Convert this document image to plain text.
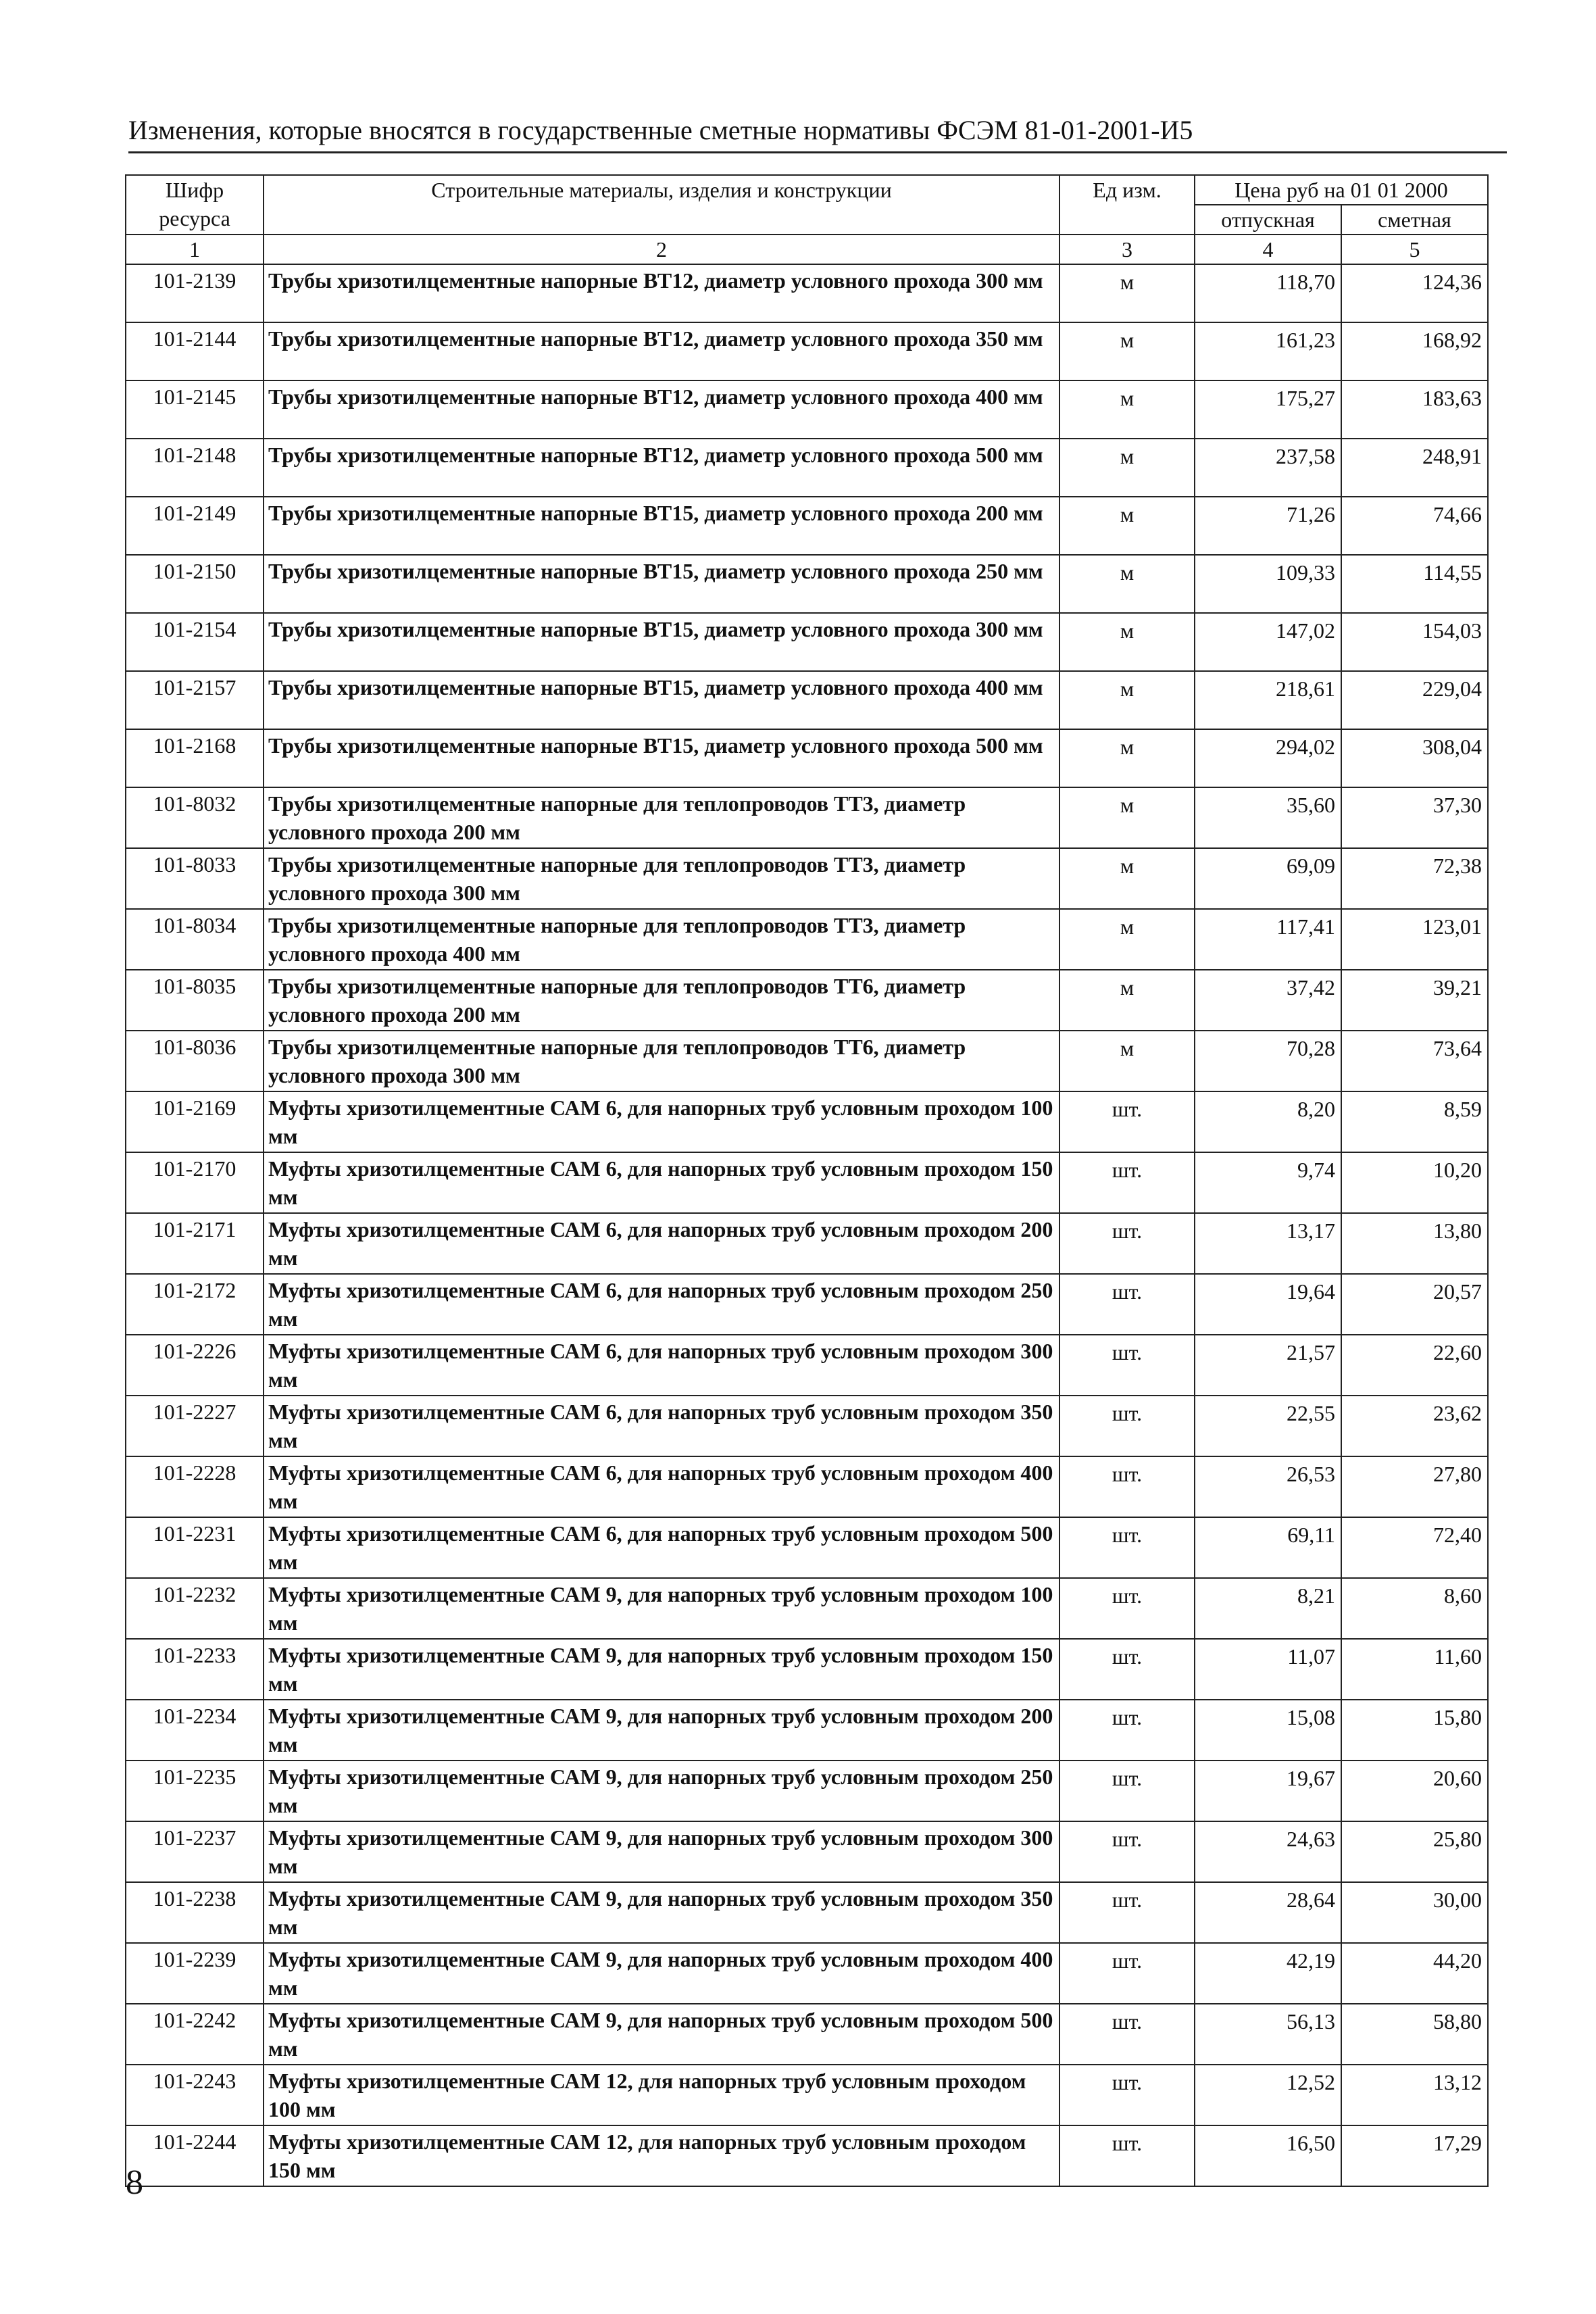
Изменения, которые вносятся в государственные сметные нормативы ФСЭМ 81-01-2001-И5
Шифр ресурса	Строительные материалы, изделия и конструкции	Ед изм.	Цена руб на 01 01 2000	
			отпускная	сметная
1	2	3	4	5
101-2139	Трубы хризотилцементные напорные ВТ12, диаметр условного прохода 300 мм	м	118,70	124,36
101-2144	Трубы хризотилцементные напорные ВТ12, диаметр условного прохода 350 мм	м	161,23	168,92
101-2145	Трубы хризотилцементные напорные ВТ12, диаметр условного прохода 400 мм	м	175,27	183,63
101-2148	Трубы хризотилцементные напорные ВТ12, диаметр условного прохода 500 мм	м	237,58	248,91
101-2149	Трубы хризотилцементные напорные ВТ15, диаметр условного прохода 200 мм	м	71,26	74,66
101-2150	Трубы хризотилцементные напорные ВТ15, диаметр условного прохода 250 мм	м	109,33	114,55
101-2154	Трубы хризотилцементные напорные ВТ15, диаметр условного прохода 300 мм	м	147,02	154,03
101-2157	Трубы хризотилцементные напорные ВТ15, диаметр условного прохода 400 мм	м	218,61	229,04
101-2168	Трубы хризотилцементные напорные ВТ15, диаметр условного прохода 500 мм	м	294,02	308,04
101-8032	Трубы хризотилцементные напорные для теплопроводов ТТ3, диаметр условного прохода 200 мм	м	35,60	37,30
101-8033	Трубы хризотилцементные напорные для теплопроводов ТТ3, диаметр условного прохода 300 мм	м	69,09	72,38
101-8034	Трубы хризотилцементные напорные для теплопроводов ТТ3, диаметр условного прохода 400 мм	м	117,41	123,01
101-8035	Трубы хризотилцементные напорные для теплопроводов ТТ6, диаметр условного прохода 200 мм	м	37,42	39,21
101-8036	Трубы хризотилцементные напорные для теплопроводов ТТ6, диаметр условного прохода 300 мм	м	70,28	73,64
101-2169	Муфты хризотилцементные САМ 6, для напорных труб условным проходом 100 мм	шт.	8,20	8,59
101-2170	Муфты хризотилцементные САМ 6, для напорных труб условным проходом 150 мм	шт.	9,74	10,20
101-2171	Муфты хризотилцементные САМ 6, для напорных труб условным проходом 200 мм	шт.	13,17	13,80
101-2172	Муфты хризотилцементные САМ 6, для напорных труб условным проходом 250 мм	шт.	19,64	20,57
101-2226	Муфты хризотилцементные САМ 6, для напорных труб условным проходом 300 мм	шт.	21,57	22,60
101-2227	Муфты хризотилцементные САМ 6, для напорных труб условным проходом 350 мм	шт.	22,55	23,62
101-2228	Муфты хризотилцементные САМ 6, для напорных труб условным проходом 400 мм	шт.	26,53	27,80
101-2231	Муфты хризотилцементные САМ 6, для напорных труб условным проходом 500 мм	шт.	69,11	72,40
101-2232	Муфты хризотилцементные САМ 9, для напорных труб условным проходом 100 мм	шт.	8,21	8,60
101-2233	Муфты хризотилцементные САМ 9, для напорных труб условным проходом 150 мм	шт.	11,07	11,60
101-2234	Муфты хризотилцементные САМ 9, для напорных труб условным проходом 200 мм	шт.	15,08	15,80
101-2235	Муфты хризотилцементные САМ 9, для напорных труб условным проходом 250 мм	шт.	19,67	20,60
101-2237	Муфты хризотилцементные САМ 9, для напорных труб условным проходом 300 мм	шт.	24,63	25,80
101-2238	Муфты хризотилцементные САМ 9, для напорных труб условным проходом 350 мм	шт.	28,64	30,00
101-2239	Муфты хризотилцементные САМ 9, для напорных труб условным проходом 400 мм	шт.	42,19	44,20
101-2242	Муфты хризотилцементные САМ 9, для напорных труб условным проходом 500 мм	шт.	56,13	58,80
101-2243	Муфты хризотилцементные САМ 12, для напорных труб условным проходом 100 мм	шт.	12,52	13,12
101-2244	Муфты хризотилцементные САМ 12, для напорных труб условным проходом 150 мм	шт.	16,50	17,29
8
